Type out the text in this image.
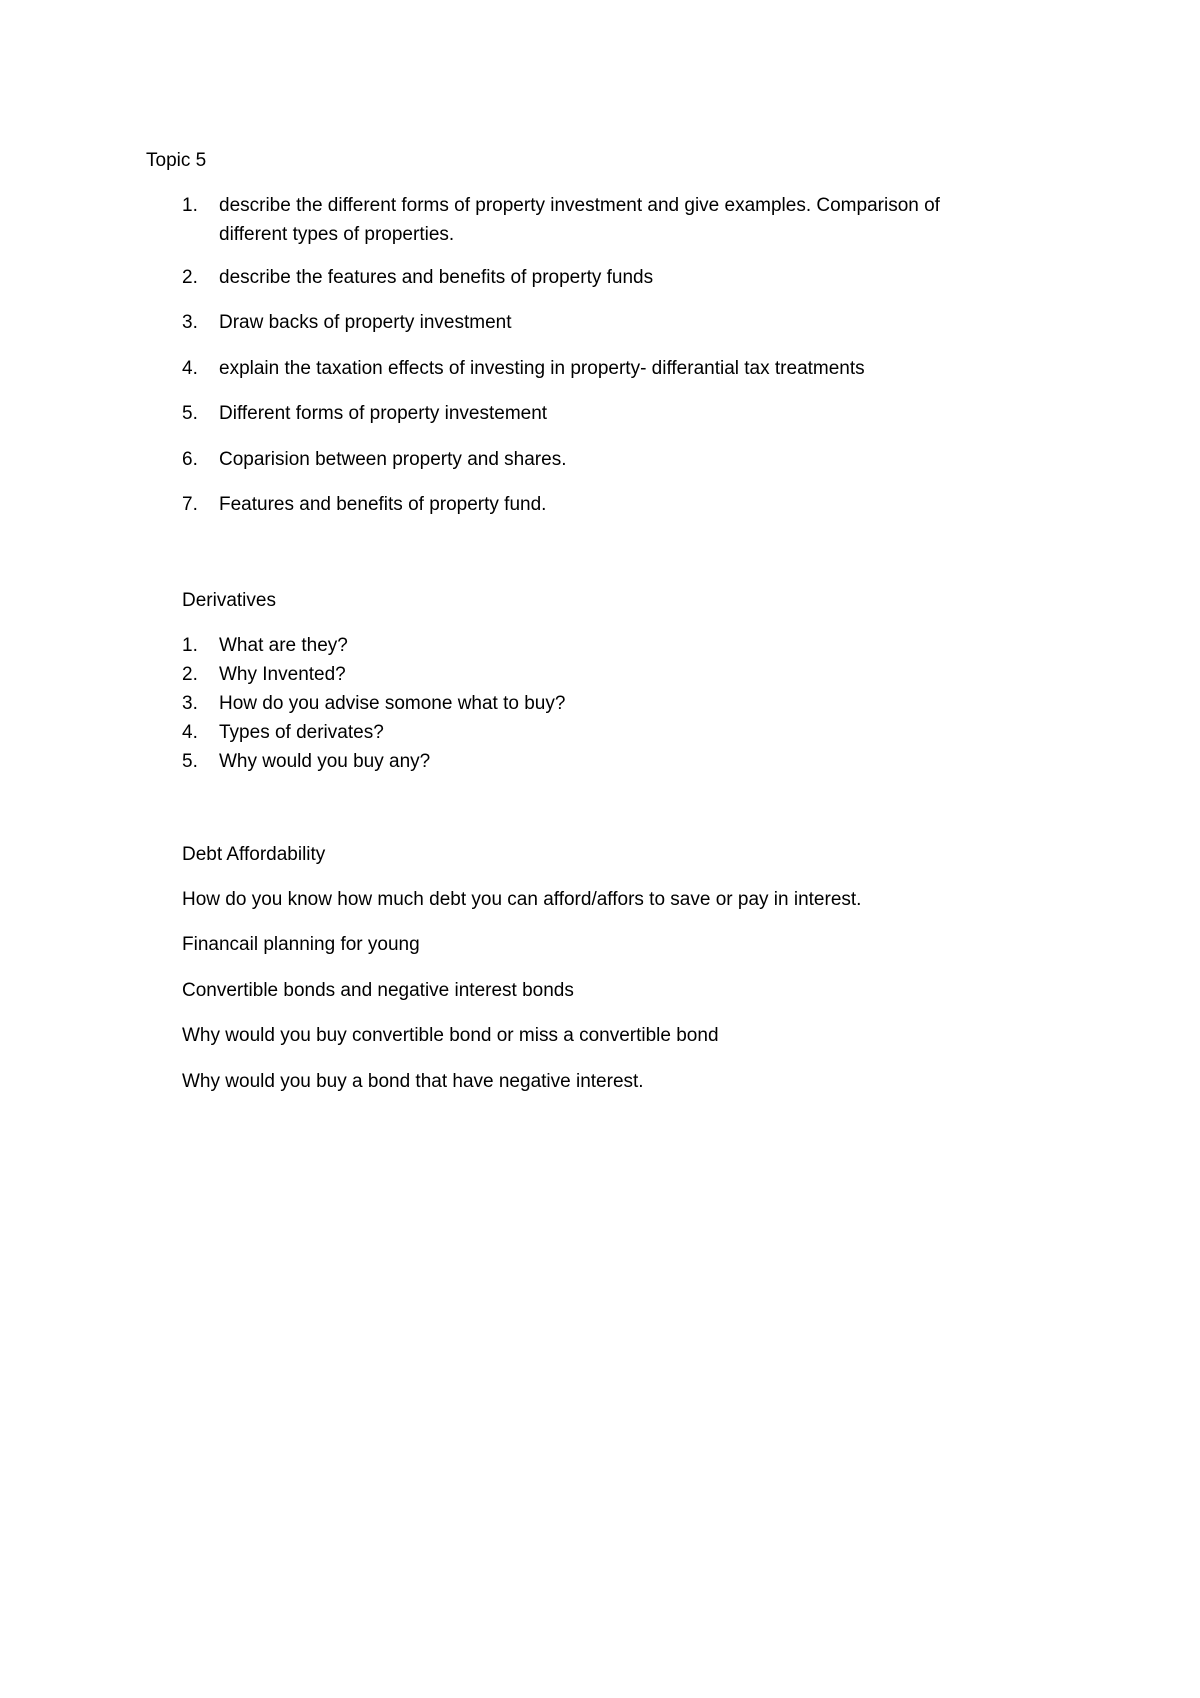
Topic 5
1. describe the different forms of property investment and give examples. Comparison of different types of properties.
2. describe the features and benefits of property funds
3. Draw backs of property investment
4. explain the taxation effects of investing in property- differantial tax treatments
5. Different forms of property investement
6. Coparision between property and shares.
7. Features and benefits of property fund.
Derivatives
1. What are they?
2. Why Invented?
3. How do you advise somone what to buy?
4. Types of derivates?
5. Why would you buy any?
Debt Affordability
How do you know how much debt you can afford/affors to save or pay in interest.
Financail planning for young
Convertible bonds and negative interest bonds
Why would you buy convertible bond or miss a convertible bond
Why would you buy a bond that have negative interest.
